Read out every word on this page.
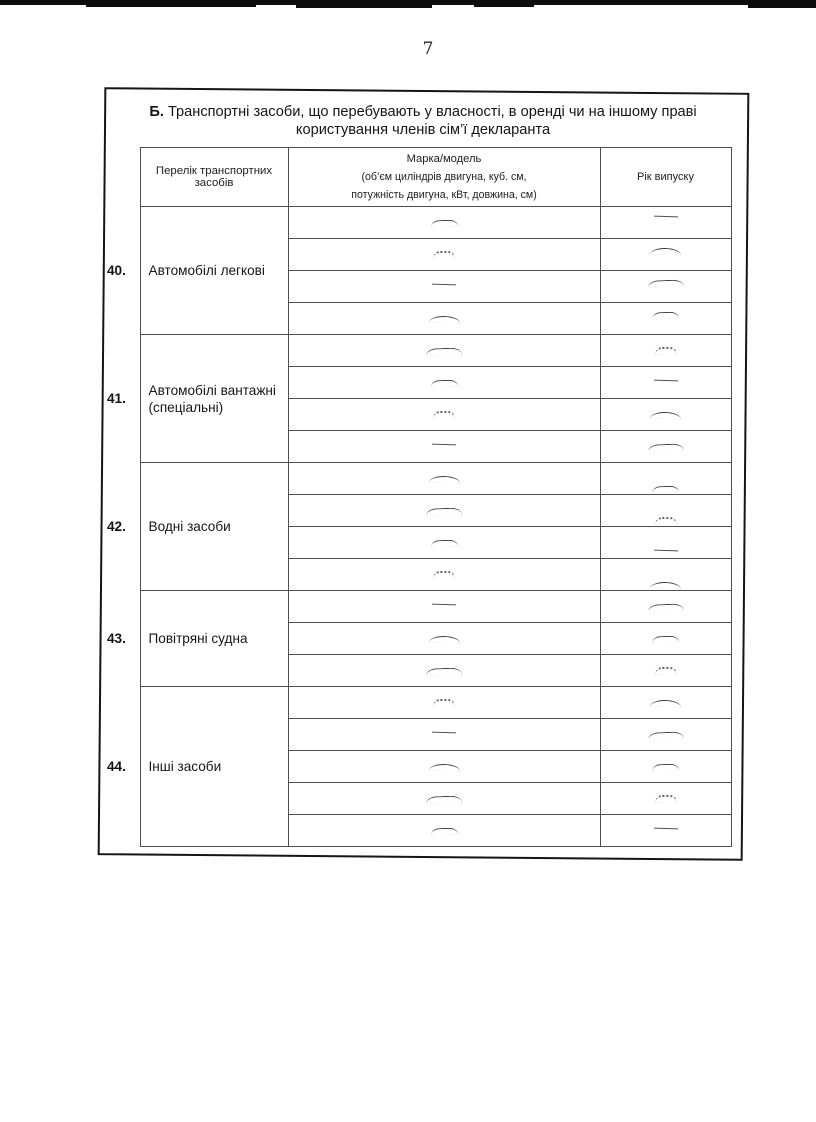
7
Б. Транспортні засоби, що перебувають у власності, в оренді чи на іншому праві
користування членів сім’ї декларанта
	Перелік транспортних засобів	Марка/модель
(об’єм циліндрів двигуна, куб. см,
потужність двигуна, кВт, довжина, см)	Рік випуску
40.	Автомобілі легкові		

41.	Автомобілі вантажні (спеціальні)		

42.	Водні засоби		

43.	Повітряні судна		

44.	Інші засоби		
